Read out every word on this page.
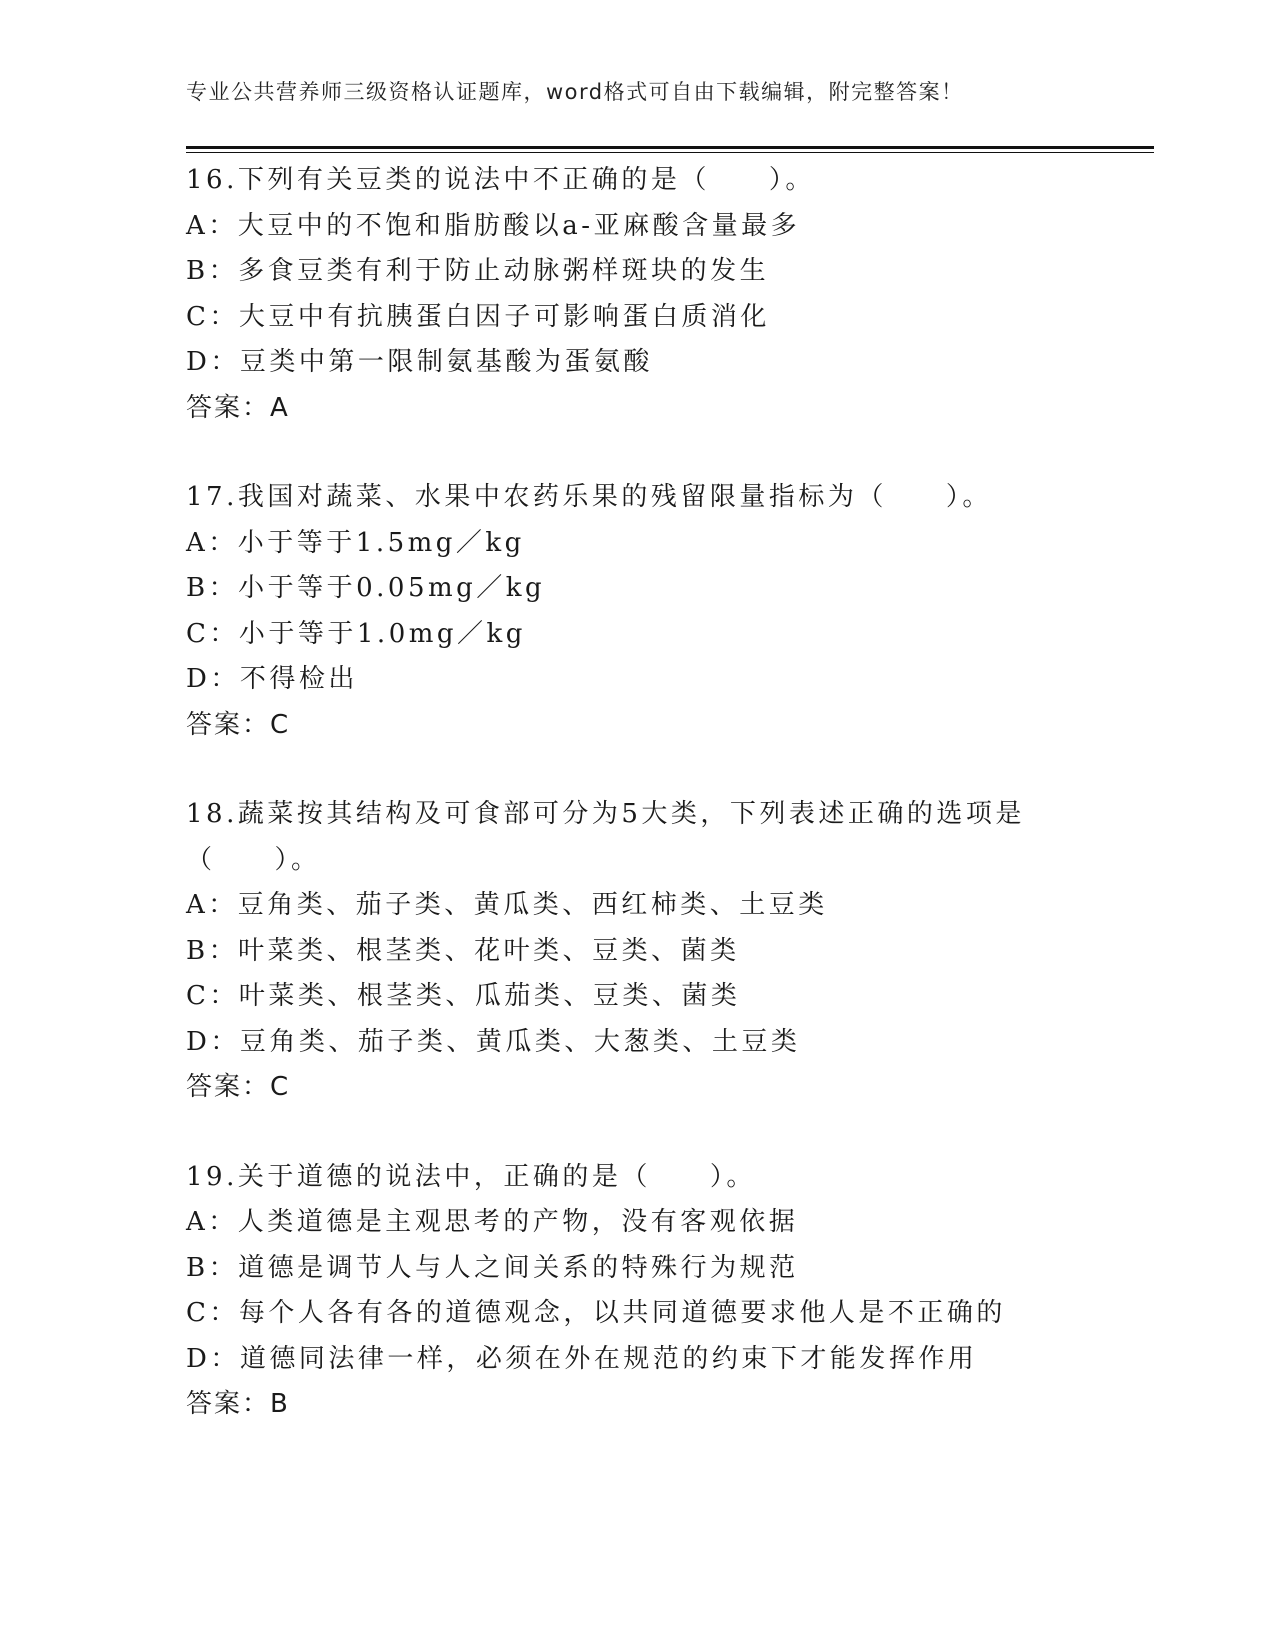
专业公共营养师三级资格认证题库，word格式可自由下载编辑，附完整答案！
16.下列有关豆类的说法中不正确的是（　　）。
A：大豆中的不饱和脂肪酸以a-亚麻酸含量最多
B：多食豆类有利于防止动脉粥样斑块的发生
C：大豆中有抗胰蛋白因子可影响蛋白质消化
D：豆类中第一限制氨基酸为蛋氨酸
答案：A
17.我国对蔬菜、水果中农药乐果的残留限量指标为（　　）。
A：小于等于1.5mg／kg
B：小于等于0.05mg／kg
C：小于等于1.0mg／kg
D：不得检出
答案：C
18.蔬菜按其结构及可食部可分为5大类，下列表述正确的选项是（　　）。
A：豆角类、茄子类、黄瓜类、西红柿类、土豆类
B：叶菜类、根茎类、花叶类、豆类、菌类
C：叶菜类、根茎类、瓜茄类、豆类、菌类
D：豆角类、茄子类、黄瓜类、大葱类、土豆类
答案：C
19.关于道德的说法中，正确的是（　　）。
A：人类道德是主观思考的产物，没有客观依据
B：道德是调节人与人之间关系的特殊行为规范
C：每个人各有各的道德观念，以共同道德要求他人是不正确的
D：道德同法律一样，必须在外在规范的约束下才能发挥作用
答案：B
